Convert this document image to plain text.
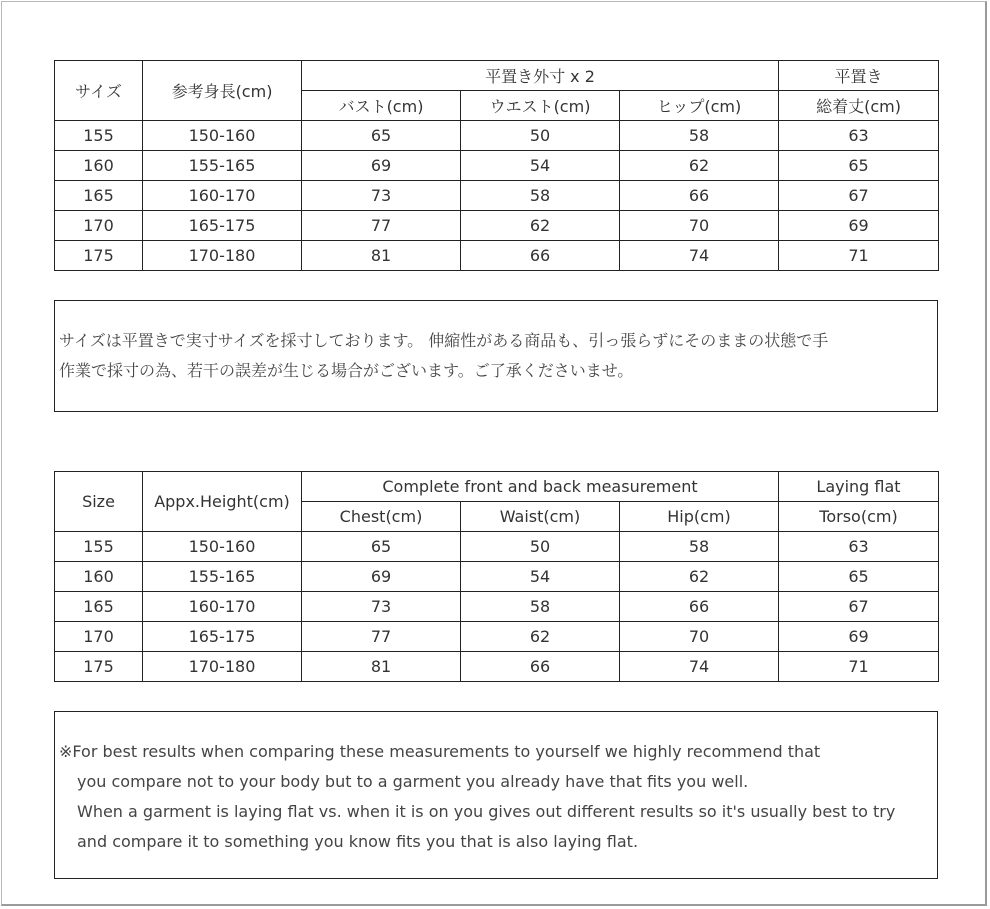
サイズ	参考身長(cm)	平置き外寸 x 2			平置き
		バスト(cm)	ウエスト(cm)	ヒップ(cm)	総着丈(cm)
155	150-160	65	50	58	63
160	155-165	69	54	62	65
165	160-170	73	58	66	67
170	165-175	77	62	70	69
175	170-180	81	66	74	71
サイズは平置きで実寸サイズを採寸しております。 伸縮性がある商品も、引っ張らずにそのままの状態で手
作業で採寸の為、若干の誤差が生じる場合がございます。ご了承くださいませ。
Size	Appx.Height(cm)	Complete front and back measurement			Laying flat
		Chest(cm)	Waist(cm)	Hip(cm)	Torso(cm)
155	150-160	65	50	58	63
160	155-165	69	54	62	65
165	160-170	73	58	66	67
170	165-175	77	62	70	69
175	170-180	81	66	74	71
※For best results when comparing these measurements to yourself we highly recommend that
you compare not to your body but to a garment you already have that fits you well.
When a garment is laying flat vs. when it is on you gives out different results so it's usually best to try
and compare it to something you know fits you that is also laying flat.
